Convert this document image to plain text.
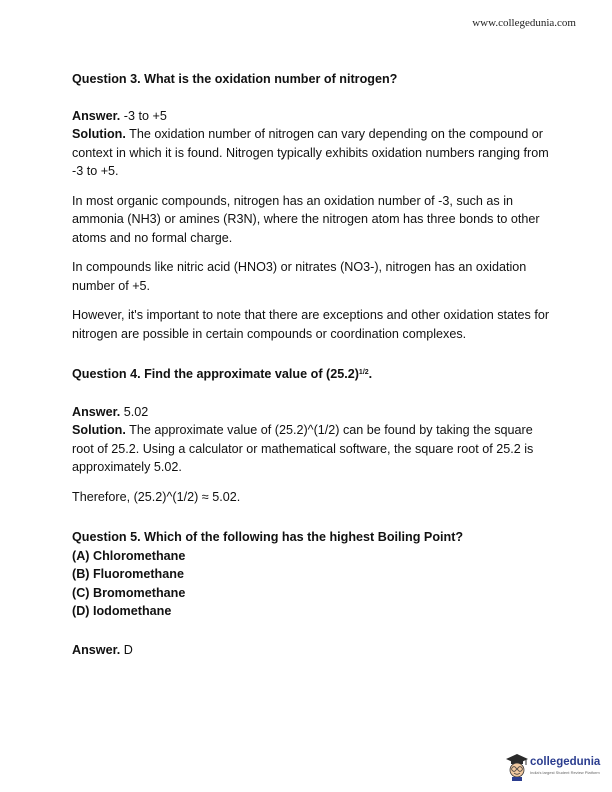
www.collegedunia.com
Question 3. What is the oxidation number of nitrogen?
Answer. -3 to +5

Solution. The oxidation number of nitrogen can vary depending on the compound or context in which it is found. Nitrogen typically exhibits oxidation numbers ranging from -3 to +5.

In most organic compounds, nitrogen has an oxidation number of -3, such as in ammonia (NH3) or amines (R3N), where the nitrogen atom has three bonds to other atoms and no formal charge.

In compounds like nitric acid (HNO3) or nitrates (NO3-), nitrogen has an oxidation number of +5.

However, it's important to note that there are exceptions and other oxidation states for nitrogen are possible in certain compounds or coordination complexes.

Question 4. Find the approximate value of $(25.2)^{1/2}$.
Answer. 5.02

Solution. The approximate value of (25.2)^(1/2) can be found by taking the square root of 25.2. Using a calculator or mathematical software, the square root of 25.2 is approximately 5.02.

Therefore, (25.2)^(1/2) ≈ 5.02.

Question 5. Which of the following has the highest Boiling Point?
(A) Chloromethane
(B) Fluoromethane
(C) Bromomethane
(D) Iodomethane
Answer. D
collegedunia
India's largest Student Review Platform
